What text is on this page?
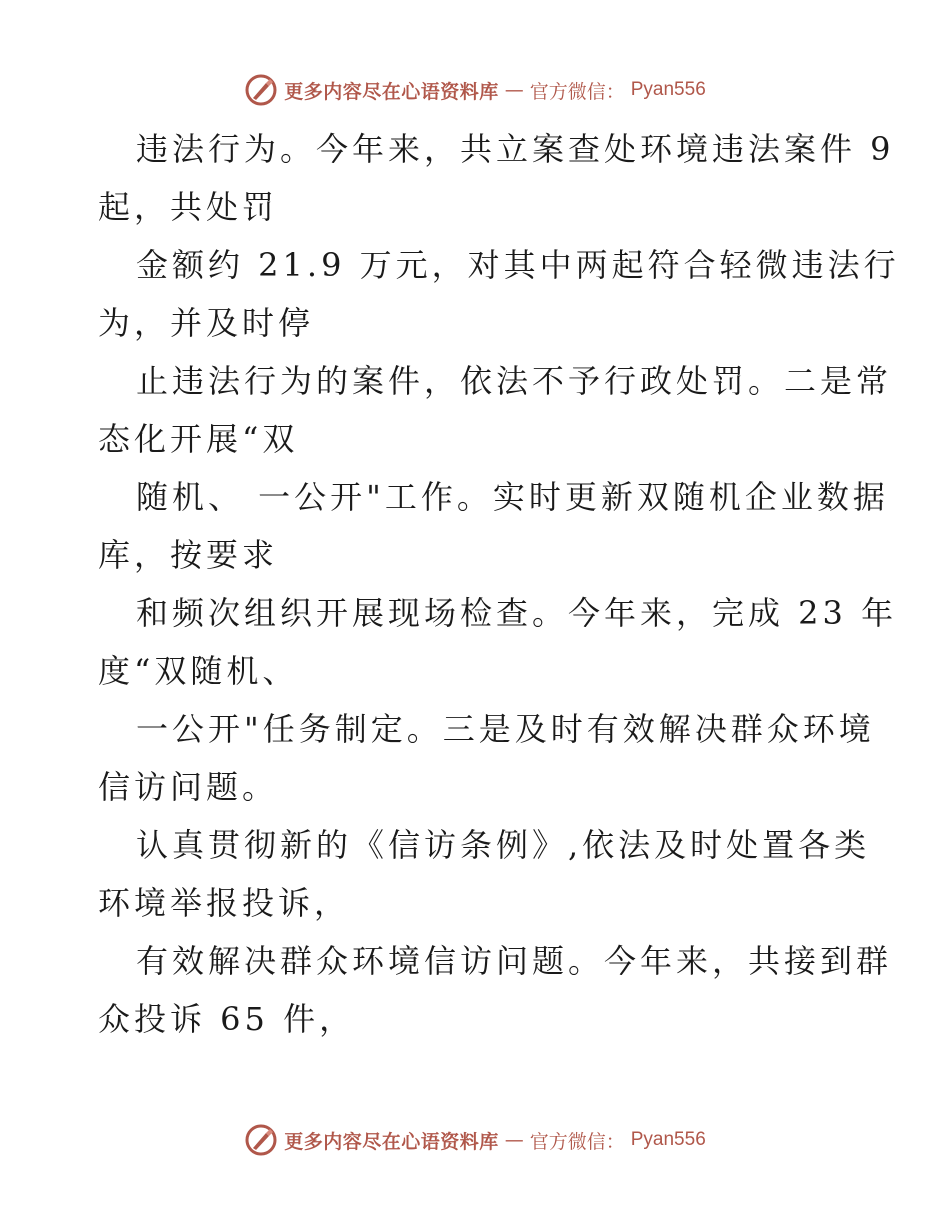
更多内容尽在心语资料库 — 官方微信： Pyan556
违法行为。今年来，共立案查处环境违法案件 9
起，共处罚
金额约 21.9 万元，对其中两起符合轻微违法行
为，并及时停
止违法行为的案件，依法不予行政处罚。二是常
态化开展“双
随机、 一公开"工作。实时更新双随机企业数据
库，按要求
和频次组织开展现场检查。今年来，完成 23 年
度“双随机、
一公开"任务制定。三是及时有效解决群众环境
信访问题。
认真贯彻新的《信访条例》,依法及时处置各类
环境举报投诉，
有效解决群众环境信访问题。今年来，共接到群
众投诉 65 件，
更多内容尽在心语资料库 — 官方微信： Pyan556
